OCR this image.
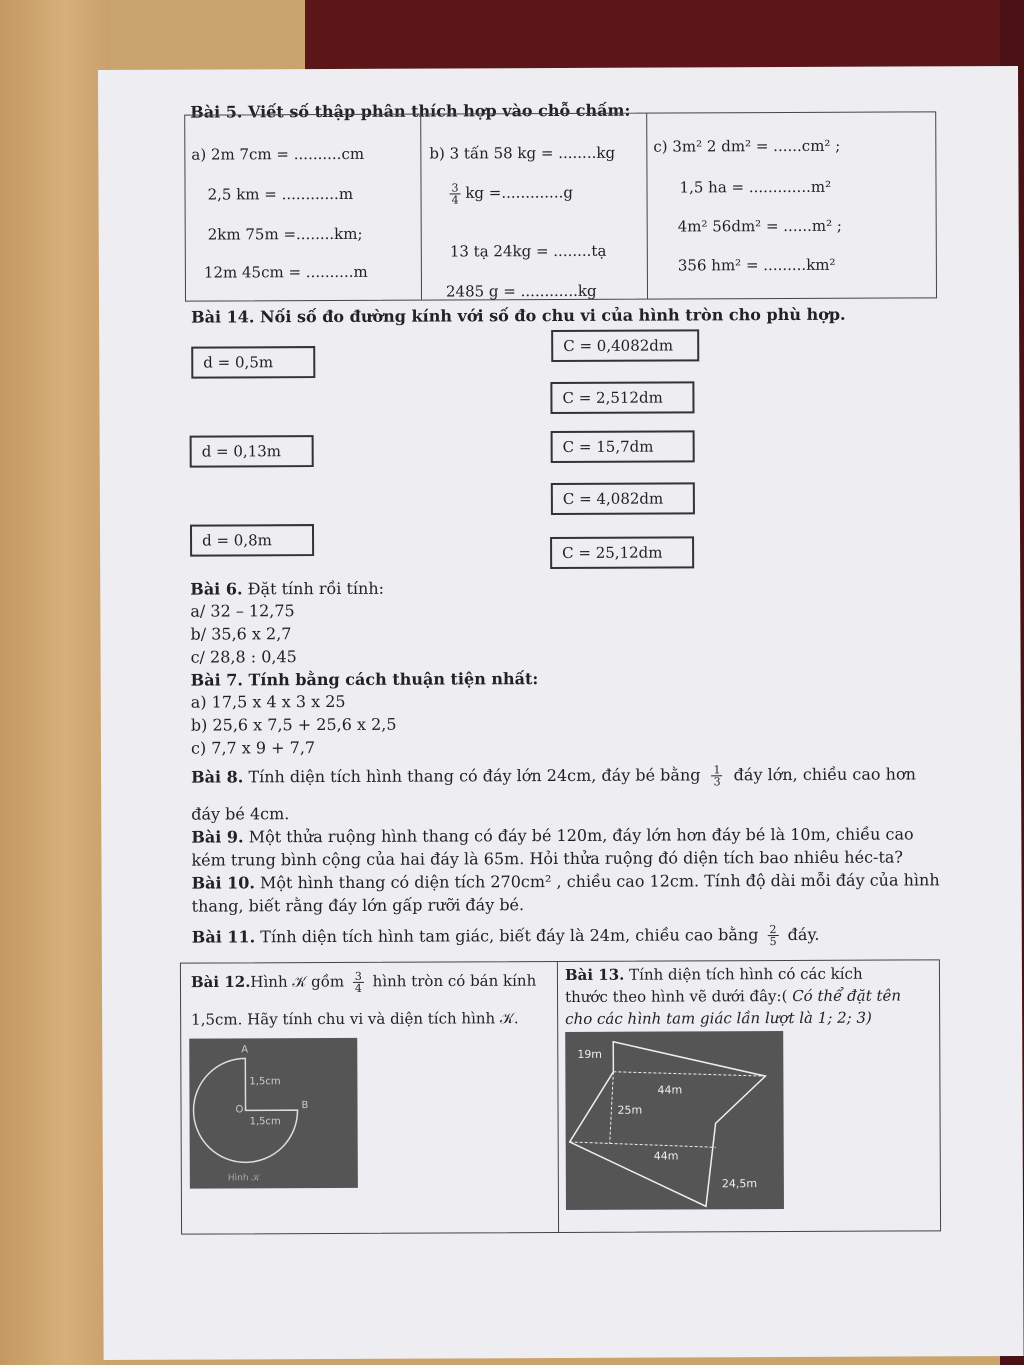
Bài 5. Viết số thập phân thích hợp vào chỗ chấm:
a) 2m 7cm = ..........cm
2,5 km = ............m
2km 75m =........km;
12m 45cm = ..........m
b) 3 tấn 58 kg = ........kg
$\frac{3}{4}$ kg =.............g
13 tạ 24kg = ........tạ
2485 g = ............kg
c) 3m² 2 dm² = ......cm² ;
1,5 ha = .............m²
4m² 56dm² = ......m² ;
356 hm² = .........km²
Bài 14. Nối số đo đường kính với số đo chu vi của hình tròn cho phù hợp.
d = 0,5m
d = 0,13m
d = 0,8m
C = 0,4082dm
C = 2,512dm
C = 15,7dm
C = 4,082dm
C = 25,12dm
Bài 6. Đặt tính rồi tính:
a/ 32 – 12,75
b/ 35,6 x 2,7
c/ 28,8 : 0,45
Bài 7. Tính bằng cách thuận tiện nhất:
a) 17,5 x 4 x 3 x 25
b) 25,6 x 7,5 + 25,6 x 2,5
c) 7,7 x 9 + 7,7
Bài 8. Tính diện tích hình thang có đáy lớn 24cm, đáy bé bằng $\frac{1}{3}$ đáy lớn, chiều cao hơn
đáy bé 4cm.
Bài 9. Một thửa ruộng hình thang có đáy bé 120m, đáy lớn hơn đáy bé là 10m, chiều cao
kém trung bình cộng của hai đáy là 65m. Hỏi thửa ruộng đó diện tích bao nhiêu héc-ta?
Bài 10. Một hình thang có diện tích 270cm² , chiều cao 12cm. Tính độ dài mỗi đáy của hình
thang, biết rằng đáy lớn gấp rưỡi đáy bé.
Bài 11. Tính diện tích hình tam giác, biết đáy là 24m, chiều cao bằng $\frac{2}{5}$ đáy.
Bài 12.Hình 𝒦 gồm $\frac{3}{4}$ hình tròn có bán kính
1,5cm. Hãy tính chu vi và diện tích hình 𝒦.
A
O	B
1,5cm
1,5cm
Hình 𝒦
Bài 13. Tính diện tích hình có các kích
thước theo hình vẽ dưới đây:( Có thể đặt tên
cho các hình tam giác lần lượt là 1; 2; 3)
19m
44m
25m
44m
24,5m
